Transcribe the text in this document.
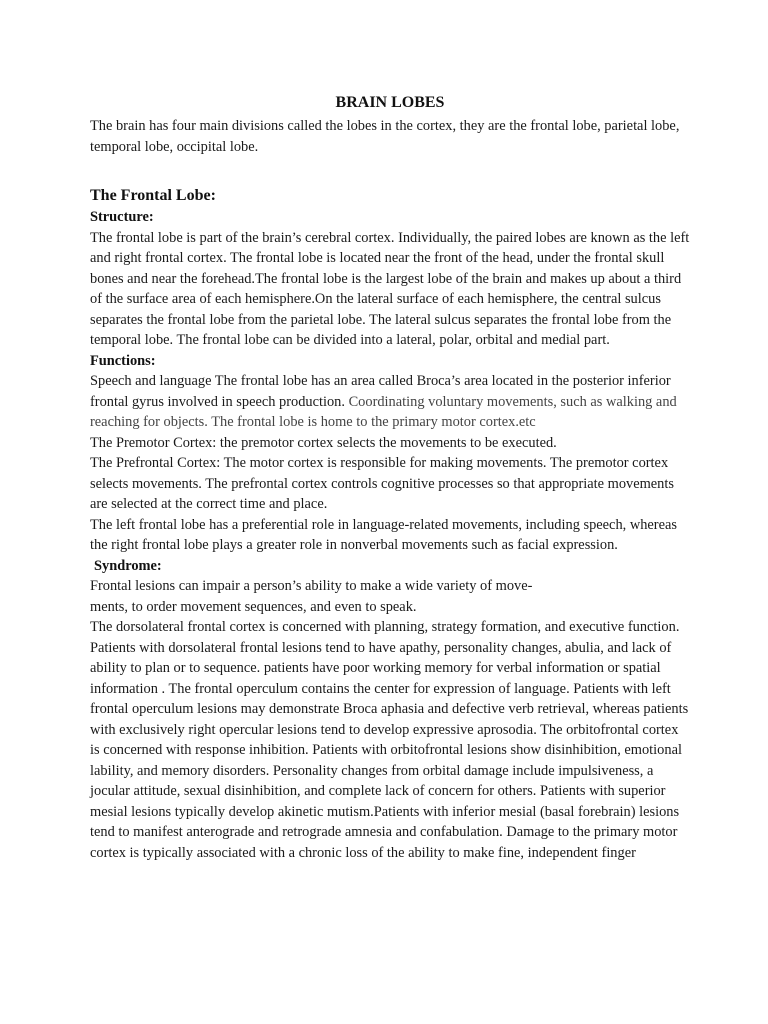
BRAIN LOBES

The brain has four main divisions called the lobes in the cortex, they are the frontal lobe, parietal lobe, temporal lobe, occipital lobe.

The Frontal Lobe:
Structure:

The frontal lobe is part of the brain’s cerebral cortex. Individually, the paired lobes are known as the left and right frontal cortex. The frontal lobe is located near the front of the head, under the frontal skull bones and near the forehead.The frontal lobe is the largest lobe of the brain and makes up about a third of the surface area of each hemisphere.On the lateral surface of each hemisphere, the central sulcus separates the frontal lobe from the parietal lobe. The lateral sulcus separates the frontal lobe from the temporal lobe. The frontal lobe can be divided into a lateral, polar, orbital and medial part.

Functions:

Speech and language The frontal lobe has an area called Broca’s area located in the posterior inferior frontal gyrus involved in speech production. Coordinating voluntary movements, such as walking and reaching for objects. The frontal lobe is home to the primary motor cortex.etc

The Premotor Cortex: the premotor cortex selects the movements to be executed.

The Prefrontal Cortex: The motor cortex is responsible for making movements. The premotor cortex selects movements. The prefrontal cortex controls cognitive processes so that appropriate movements are selected at the correct time and place.

The left frontal lobe has a preferential role in language-related movements, including speech, whereas the right frontal lobe plays a greater role in nonverbal movements such as facial expression.

Syndrome:

Frontal lesions can impair a person’s ability to make a wide variety of move-
ments, to order movement sequences, and even to speak.

The dorsolateral frontal cortex is concerned with planning, strategy formation, and executive function. Patients with dorsolateral frontal lesions tend to have apathy, personality changes, abulia, and lack of ability to plan or to sequence. patients have poor working memory for verbal information or spatial information . The frontal operculum contains the center for expression of language. Patients with left frontal operculum lesions may demonstrate Broca aphasia and defective verb retrieval, whereas patients with exclusively right opercular lesions tend to develop expressive aprosodia. The orbitofrontal cortex is concerned with response inhibition. Patients with orbitofrontal lesions show disinhibition, emotional lability, and memory disorders. Personality changes from orbital damage include impulsiveness, a jocular attitude, sexual disinhibition, and complete lack of concern for others. Patients with superior mesial lesions typically develop akinetic mutism.Patients with inferior mesial (basal forebrain) lesions tend to manifest anterograde and retrograde amnesia and confabulation. Damage to the primary motor cortex is typically associated with a chronic loss of the ability to make fine, independent finger
